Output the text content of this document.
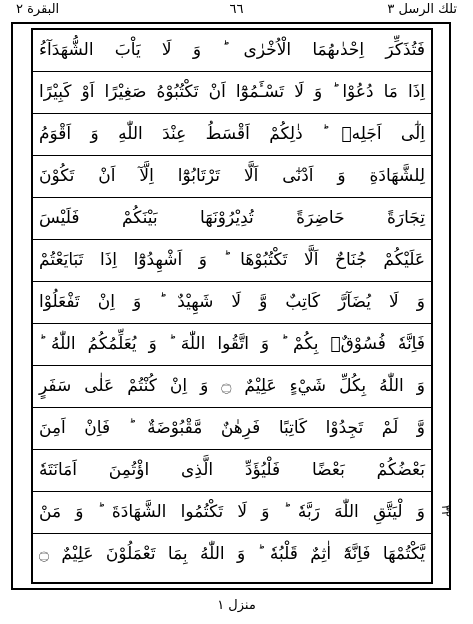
البقرة ٢	٦٦	تلك الرسل ٣
فَتُذَكِّرَ اِحْدٰىهُمَا الْاُخْرٰى ؕ وَ لَا يَاْبَ الشُّهَدَآءُ
اِذَا مَا دُعُوْا ؕ وَ لَا تَسْـَٔمُوْٓا اَنْ تَكْتُبُوْهُ صَغِيْرًا اَوْ كَبِيْرًا
اِلٰٓى اَجَلِهٖ ؕ ذٰلِكُمْ اَقْسَطُ عِنْدَ اللّٰهِ وَ اَقْوَمُ
لِلشَّهَادَةِ وَ اَدْنٰٓى اَلَّا تَرْتَابُوْٓا اِلَّآ اَنْ تَكُوْنَ
تِجَارَةً حَاضِرَةً تُدِيْرُوْنَهَا بَيْنَكُمْ فَلَيْسَ
عَلَيْكُمْ جُنَاحٌ اَلَّا تَكْتُبُوْهَا ؕ وَ اَشْهِدُوْٓا اِذَا تَبَايَعْتُمْ
وَ لَا يُضَآرَّ كَاتِبٌ وَّ لَا شَهِيْدٌ ؕ وَ اِنْ تَفْعَلُوْا
فَاِنَّهٗ فُسُوْقٌۢ بِكُمْ ؕ وَ اتَّقُوا اللّٰهَ ؕ وَ يُعَلِّمُكُمُ اللّٰهُ ؕ
وَ اللّٰهُ بِكُلِّ شَيْءٍ عَلِيْمٌ ۝ وَ اِنْ كُنْتُمْ عَلٰى سَفَرٍ
وَّ لَمْ تَجِدُوْا كَاتِبًا فَرِهٰنٌ مَّقْبُوْضَةٌ ؕ فَاِنْ اَمِنَ
بَعْضُكُمْ بَعْضًا فَلْيُؤَدِّ الَّذِى اؤْتُمِنَ اَمَانَتَهٗ
وَ لْيَتَّقِ اللّٰهَ رَبَّهٗ ؕ وَ لَا تَكْتُمُوا الشَّهَادَةَ ؕ وَ مَنْ
يَّكْتُمْهَا فَاِنَّهٗٓ اٰثِمٌ قَلْبُهٗ ؕ وَ اللّٰهُ بِمَا تَعْمَلُوْنَ عَلِيْمٌ ۝
٣٢
منزل ١
